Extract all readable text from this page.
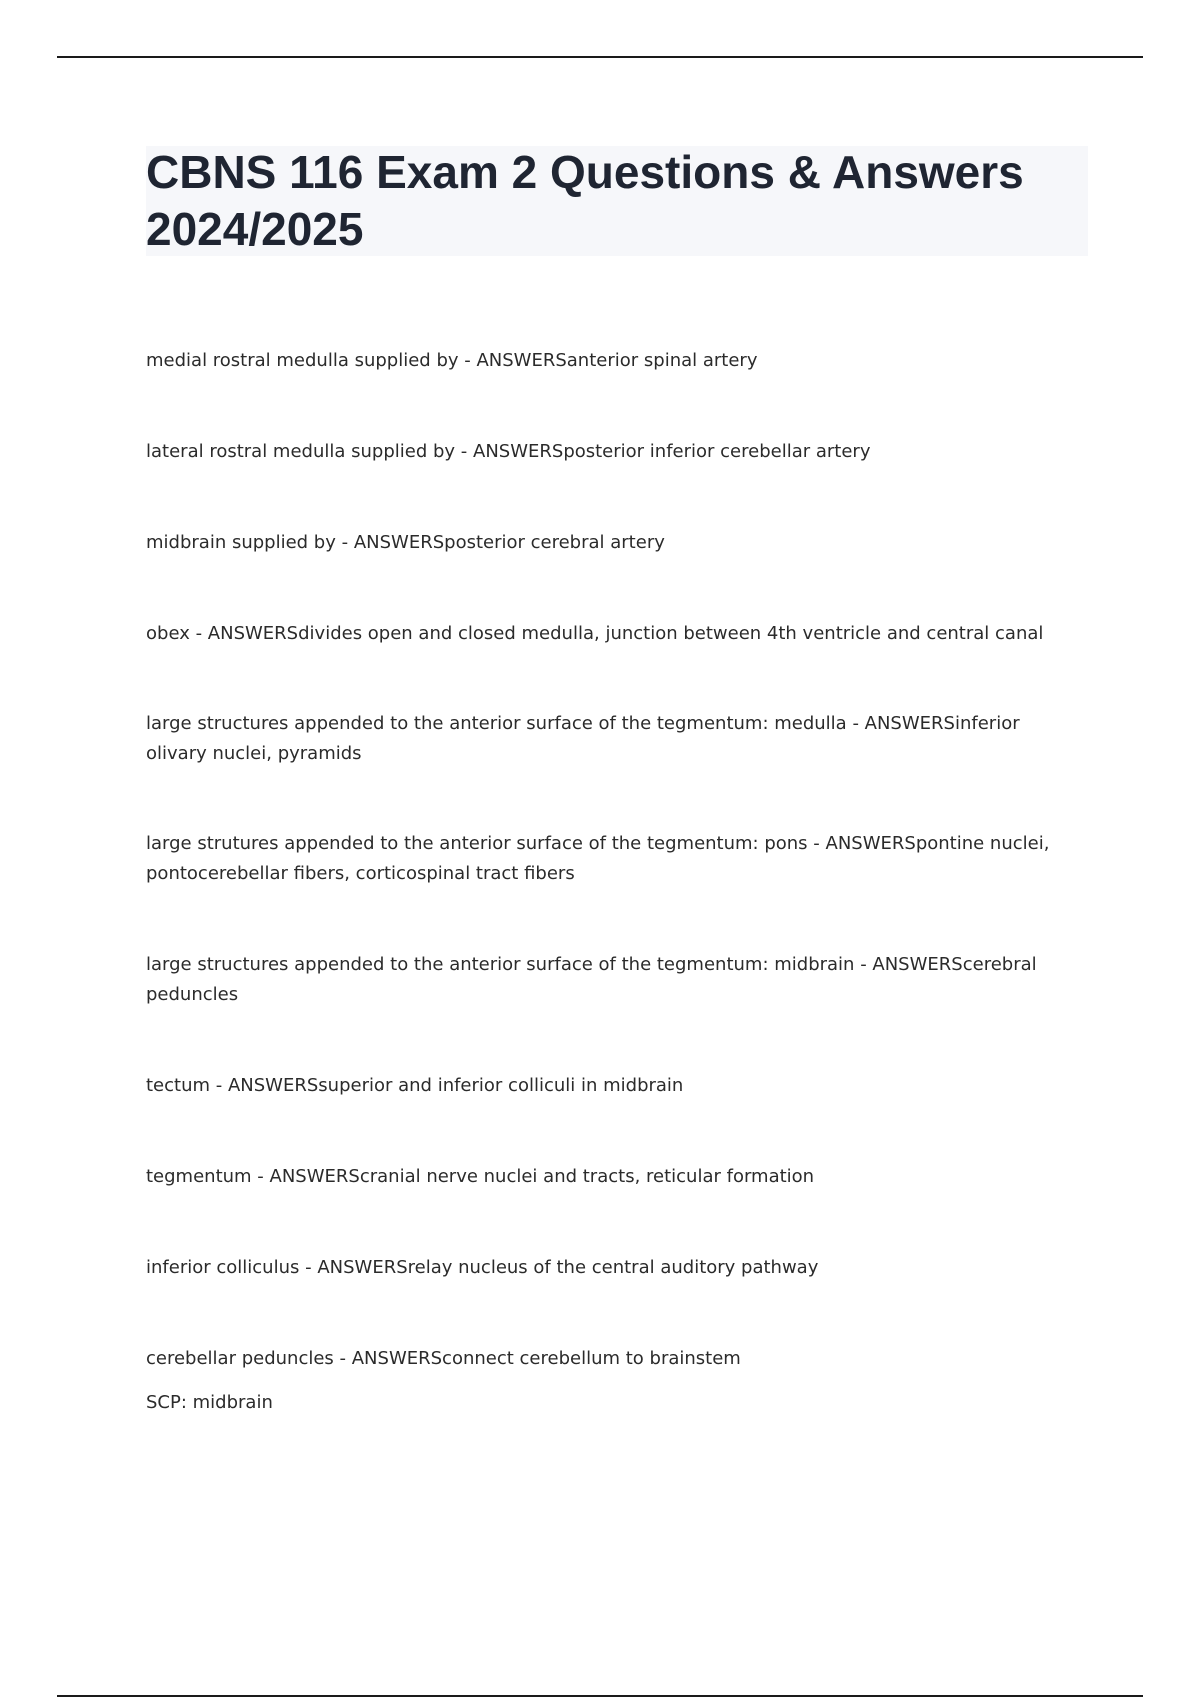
CBNS 116 Exam 2 Questions & Answers 2024/2025

medial rostral medulla supplied by - ANSWERSanterior spinal artery

lateral rostral medulla supplied by - ANSWERSposterior inferior cerebellar artery

midbrain supplied by - ANSWERSposterior cerebral artery

obex - ANSWERSdivides open and closed medulla, junction between 4th ventricle and central canal

large structures appended to the anterior surface of the tegmentum: medulla - ANSWERSinferior olivary nuclei, pyramids

large strutures appended to the anterior surface of the tegmentum: pons - ANSWERSpontine nuclei, pontocerebellar fibers, corticospinal tract fibers

large structures appended to the anterior surface of the tegmentum: midbrain - ANSWERScerebral peduncles

tectum - ANSWERSsuperior and inferior colliculi in midbrain

tegmentum - ANSWERScranial nerve nuclei and tracts, reticular formation

inferior colliculus - ANSWERSrelay nucleus of the central auditory pathway

cerebellar peduncles - ANSWERSconnect cerebellum to brainstem

SCP: midbrain
